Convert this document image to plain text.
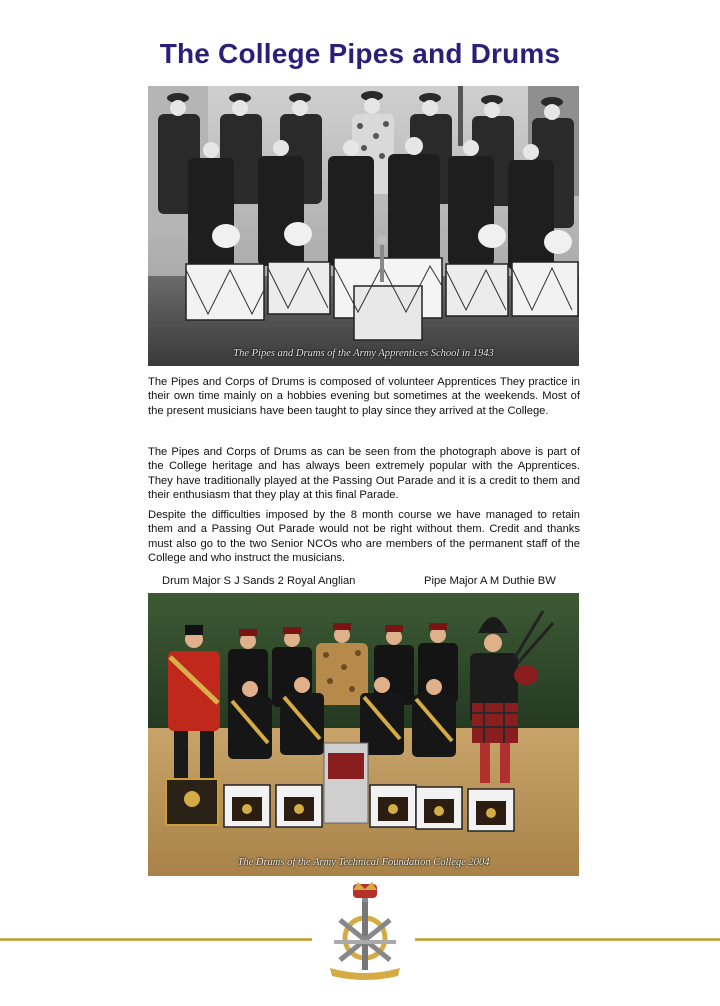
The College Pipes and Drums
The Pipes and Drums of the Army Apprentices School in 1943

The Pipes and Corps of Drums is composed of volunteer Apprentices They practice in their own time mainly on a hobbies evening but sometimes at the weekends. Most of the present musicians have been taught to play since they arrived at the College.

The Pipes and Corps of Drums as can be seen from the photograph above is part of the College heritage and has always been extremely popular with the Apprentices. They have traditionally played at the Passing Out Parade and it is a credit to them and their enthusiasm that they play at this final Parade.

Despite the difficulties imposed by the 8 month course we have managed to retain them and a Passing Out Parade would not be right without them. Credit and thanks must also go to the two Senior NCOs who are members of the permanent staff of the College and who instruct the musicians.

Drum Major S J Sands 2 Royal Anglian	Pipe Major A M Duthie BW
The Drums of the Army Technical Foundation College 2004
